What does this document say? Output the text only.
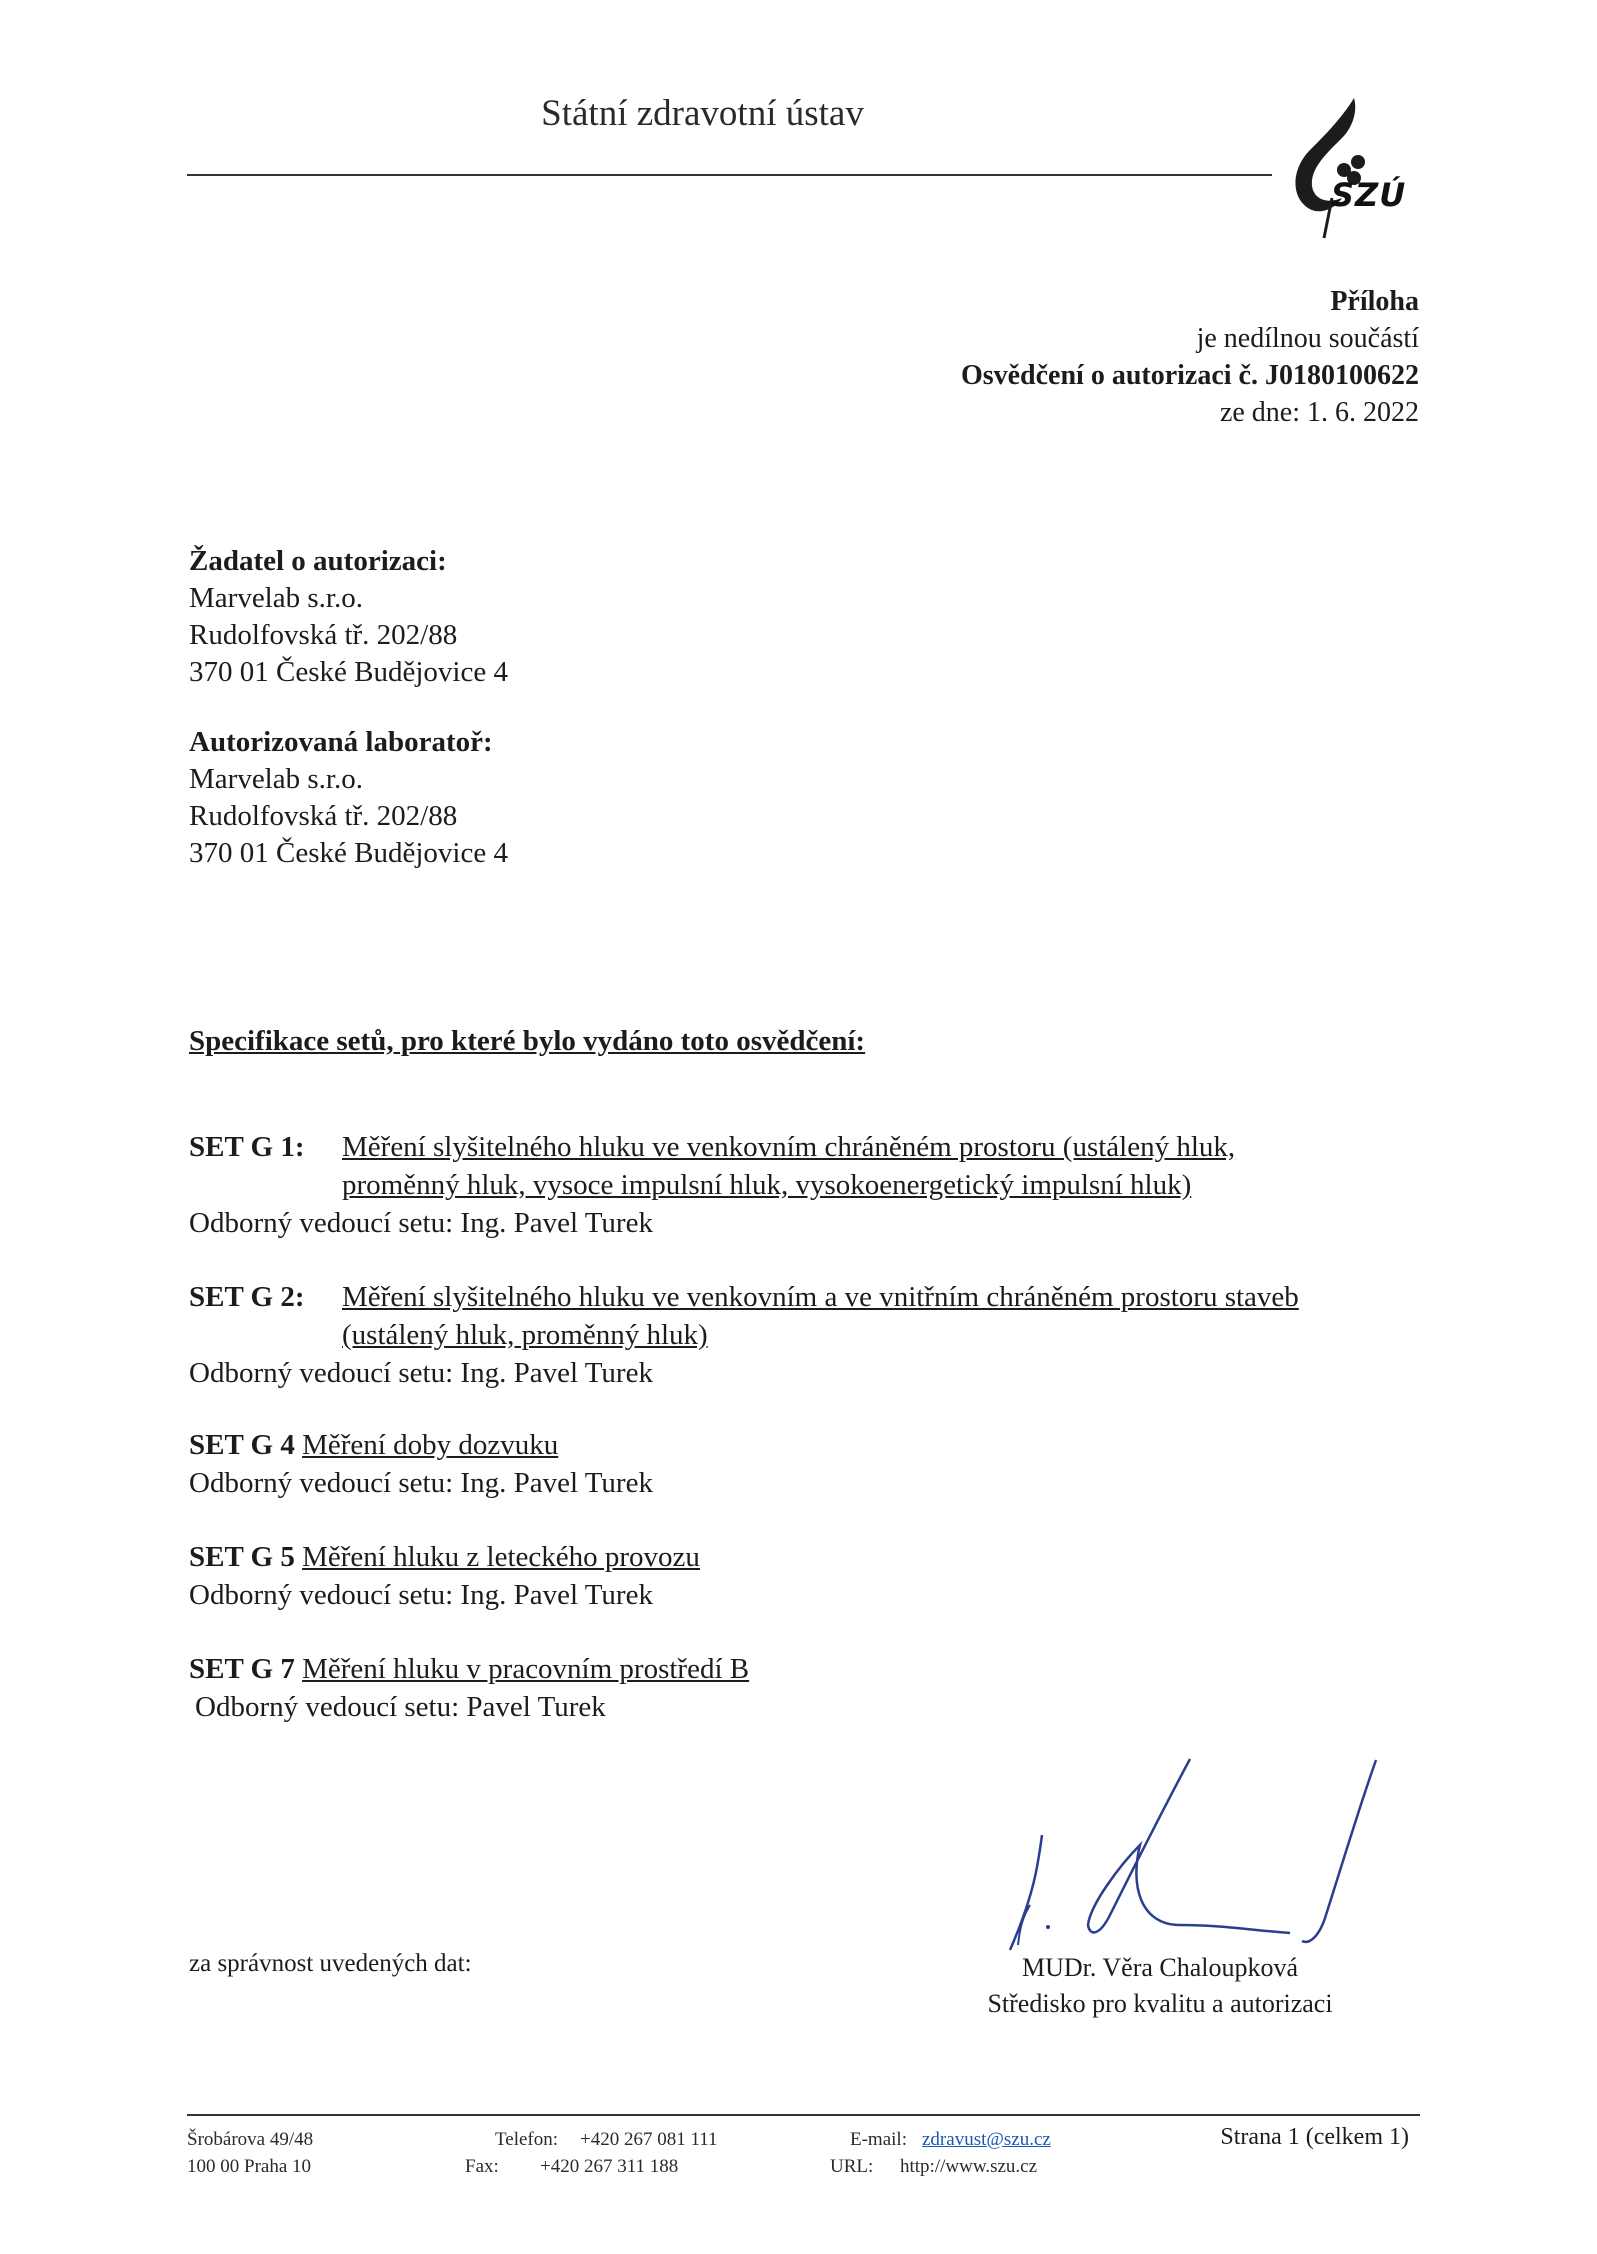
Státní zdravotní ústav
SZÚ
Příloha
je nedílnou součástí
Osvědčení o autorizaci č. J0180100622
ze dne: 1. 6. 2022
Žadatel o autorizaci:
Marvelab s.r.o.
Rudolfovská tř. 202/88
370 01 České Budějovice 4
Autorizovaná laboratoř:
Marvelab s.r.o.
Rudolfovská tř. 202/88
370 01 České Budějovice 4
Specifikace setů, pro které bylo vydáno toto osvědčení:
SET G 1:	Měření slyšitelného hluku ve venkovním chráněném prostoru (ustálený hluk,
proměnný hluk, vysoce impulsní hluk, vysokoenergetický impulsní hluk)
Odborný vedoucí setu: Ing. Pavel Turek
SET G 2:	Měření slyšitelného hluku ve venkovním a ve vnitřním chráněném prostoru staveb
(ustálený hluk, proměnný hluk)
Odborný vedoucí setu: Ing. Pavel Turek
SET G 4
Měření doby dozvuku
Odborný vedoucí setu: Ing. Pavel Turek
SET G 5
Měření hluku z leteckého provozu
Odborný vedoucí setu: Ing. Pavel Turek
SET G 7
Měření hluku v pracovním prostředí B
Odborný vedoucí setu: Pavel Turek
za správnost uvedených dat:	MUDr. Věra Chaloupková
Středisko pro kvalitu a autorizaci
Šrobárova 49/48
100 00 Praha 10
Telefon: +420 267 081 111
Fax: +420 267 311 188
E-mail: zdravust@szu.cz
URL: http://www.szu.cz
Strana 1 (celkem 1)
